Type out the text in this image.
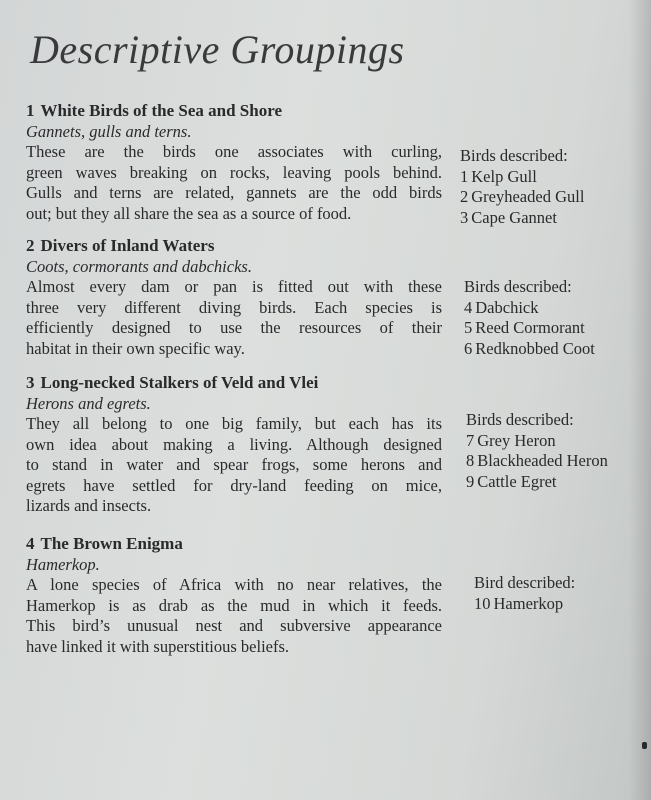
Descriptive Groupings
1 White Birds of the Sea and Shore
Gannets, gulls and terns.

These are the birds one associates with curling,
green waves breaking on rocks, leaving pools behind.
Gulls and terns are related, gannets are the odd birds
out; but they all share the sea as a source of food.

Birds described:
1 Kelp Gull
2 Greyheaded Gull
3 Cape Gannet
2 Divers of Inland Waters
Coots, cormorants and dabchicks.

Almost every dam or pan is fitted out with these
three very different diving birds. Each species is
efficiently designed to use the resources of their
habitat in their own specific way.

Birds described:
4 Dabchick
5 Reed Cormorant
6 Redknobbed Coot
3 Long-necked Stalkers of Veld and Vlei
Herons and egrets.

They all belong to one big family, but each has its
own idea about making a living. Although designed
to stand in water and spear frogs, some herons and
egrets have settled for dry-land feeding on mice,
lizards and insects.

Birds described:
7 Grey Heron
8 Blackheaded Heron
9 Cattle Egret
4 The Brown Enigma
Hamerkop.

A lone species of Africa with no near relatives, the
Hamerkop is as drab as the mud in which it feeds.
This bird’s unusual nest and subversive appearance
have linked it with superstitious beliefs.

Bird described:
10 Hamerkop
